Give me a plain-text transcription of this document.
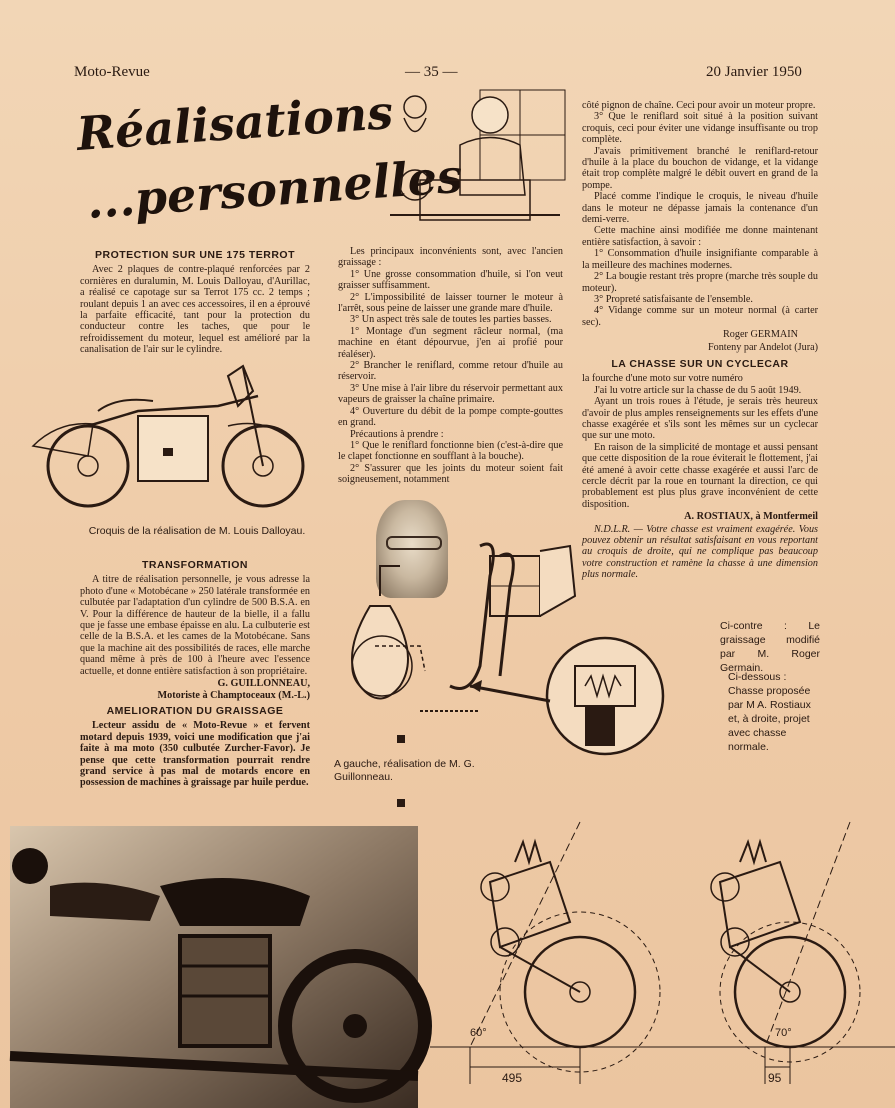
Moto-Revue	— 35 —	20 Janvier 1950
Réalisations
...personnelles
PROTECTION SUR UNE 175 TERROT

Avec 2 plaques de contre-plaqué renforcées par 2 cornières en duralumin, M. Louis Dalloyau, d'Aurillac, a réalisé ce capotage sur sa Terrot 175 cc. 2 temps ; roulant depuis 1 an avec ces accessoires, il en a éprouvé la parfaite efficacité, tant pour la protection du conducteur contre les taches, que pour le refroidissement du moteur, lequel est amélioré par la canalisation de l'air sur le cylindre.

Croquis de la réalisation de M. Louis Dalloyau.
TRANSFORMATION

A titre de réalisation personnelle, je vous adresse la photo d'une « Motobécane » 250 latérale transformée en culbutée par l'adaptation d'un cylindre de 500 B.S.A. en V. Pour la différence de hauteur de la bielle, il a fallu que je fasse une embase épaisse en alu. La culbuterie est celle de la B.S.A. et les cames de la Motobécane. Sans que la machine ait des possibilités de races, elle marche quand même à près de 100 à l'heure avec l'essence actuelle, et donne entière satisfaction à son propriétaire.

G. GUILLONNEAU,
Motoriste à Champtoceaux (M.-L.)
AMELIORATION DU GRAISSAGE

Lecteur assidu de « Moto-Revue » et fervent motard depuis 1939, voici une modification que j'ai faite à ma moto (350 culbutée Zurcher-Favor). Je pense que cette transformation pourrait rendre grand service à pas mal de motards encore en possession de machines à graissage par huile perdue.

Les principaux inconvénients sont, avec l'ancien graissage :

1° Une grosse consommation d'huile, si l'on veut graisser suffisamment.

2° L'impossibilité de laisser tourner le moteur à l'arrêt, sous peine de laisser une grande mare d'huile.

3° Un aspect très sale de toutes les parties basses.

1° Montage d'un segment râcleur normal, (ma machine en étant dépourvue, j'en ai profié pour réaléser).

2° Brancher le reniflard, comme retour d'huile au réservoir.

3° Une mise à l'air libre du réservoir permettant aux vapeurs de graisser la chaîne primaire.

4° Ouverture du débit de la pompe compte-gouttes en grand.

Précautions à prendre :

1° Que le reniflard fonctionne bien (c'est-à-dire que le clapet fonctionne en soufflant à la bouche).

2° S'assurer que les joints du moteur soient fait soigneusement, notamment

côté pignon de chaîne. Ceci pour avoir un moteur propre.

3° Que le reniflard soit situé à la position suivant croquis, ceci pour éviter une vidange insuffisante ou trop complète.

J'avais primitivement branché le reniflard-retour d'huile à la place du bouchon de vidange, et la vidange était trop complète malgré le débit ouvert en grand de la pompe.

Placé comme l'indique le croquis, le niveau d'huile dans le moteur ne dépasse jamais la contenance d'un demi-verre.

Cette machine ainsi modifiée me donne maintenant entière satisfaction, à savoir :

1° Consommation d'huile insignifiante comparable à la meilleure des machines modernes.

2° La bougie restant très propre (marche très souple du moteur).

3° Propreté satisfaisante de l'ensemble.

4° Vidange comme sur un moteur normal (à carter sec).

Roger GERMAIN
Fonteny par Andelot (Jura)
LA CHASSE SUR UN CYCLECAR

la fourche d'une moto sur votre numéro

J'ai lu votre article sur la chasse de du 5 août 1949.

Ayant un trois roues à l'étude, je serais très heureux d'avoir de plus amples renseignements sur les effets d'une chasse exagérée et s'ils sont les mêmes sur un cyclecar que sur une moto.

En raison de la simplicité de montage et aussi pensant que cette disposition de la roue éviterait le flottement, j'ai été amené à avoir cette chasse exagérée et aussi l'arc de cercle décrit par la roue en tournant la direction, ce qui probablement est plus plus grave inconvénient de cette disposition.

A. ROSTIAUX, à Montfermeil

N.D.L.R. — Votre chasse est vraiment exagérée. Vous pouvez obtenir un résultat satisfaisant en vous reportant au croquis de droite, qui ne complique pas beaucoup votre construction et ramène la chasse à une dimension plus normale.

A gauche, réalisation de M. G. Guillonneau.
Ci-contre : Le graissage modifié par M. Roger Germain.
Ci-dessous : Chasse proposée par M A. Rostiaux et, à droite, projet avec chasse normale.
495
60°
95
70°
